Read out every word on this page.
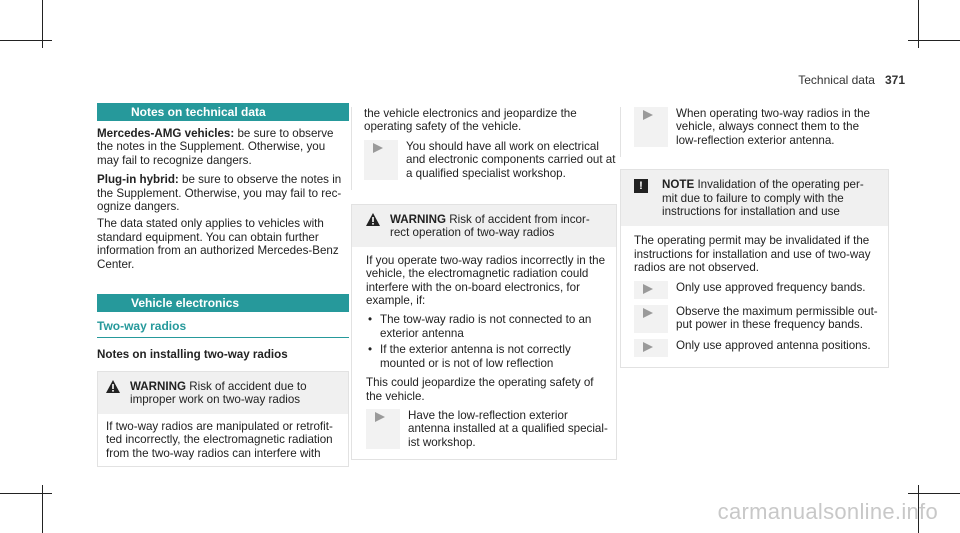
Technical data 371
Notes on technical data

Mercedes‑AMG vehicles: be sure to observe the notes in the Supplement. Otherwise, you may fail to recognize dangers.

Plug‑in hybrid: be sure to observe the notes in the Supplement. Otherwise, you may fail to rec- ognize dangers.

The data stated only applies to vehicles with standard equipment. You can obtain further information from an authorized Mercedes‑Benz Center.

Vehicle electronics
Two‑way radios

Notes on installing two‑way radios

WARNING Risk of accident due to improper work on two‑way radios
If two‑way radios are manipulated or retrofit- ted incorrectly, the electromagnetic radiation from the two‑way radios can interfere with

the vehicle electronics and jeopardize the operating safety of the vehicle.

You should have all work on electrical and electronic components carried out at a qualified specialist workshop.
WARNING Risk of accident from incor- rect operation of two‑way radios

If you operate two‑way radios incorrectly in the vehicle, the electromagnetic radiation could interfere with the on‑board electronics, for example, if:

• The tow‑way radio is not connected to an exterior antenna
• If the exterior antenna is not correctly mounted or is not of low reflection

This could jeopardize the operating safety of the vehicle.

Have the low‑reflection exterior antenna installed at a qualified special- ist workshop.
When operating two‑way radios in the vehicle, always connect them to the low‑reflection exterior antenna.
!	NOTE Invalidation of the operating per- mit due to failure to comply with the instructions for installation and use

The operating permit may be invalidated if the instructions for installation and use of two‑way radios are not observed.

Only use approved frequency bands.
Observe the maximum permissible out- put power in these frequency bands.
Only use approved antenna positions.
carmanualsonline.info
